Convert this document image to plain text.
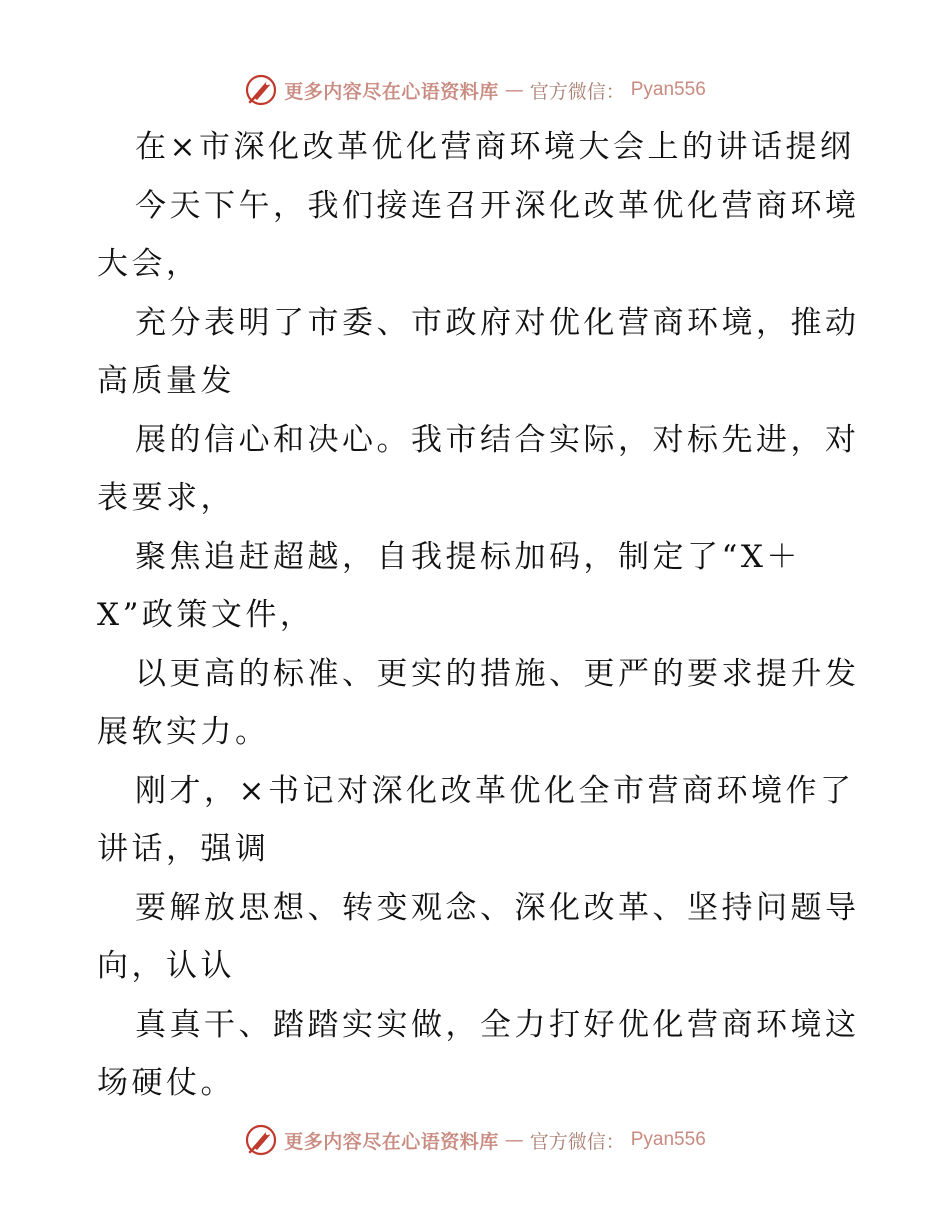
更多内容尽在心语资料库 — 官方微信： Pyan556
在×市深化改革优化营商环境大会上的讲话提纲
今天下午，我们接连召开深化改革优化营商环境
大会，
充分表明了市委、市政府对优化营商环境，推动
高质量发
展的信心和决心。我市结合实际，对标先进，对
表要求，
聚焦追赶超越，自我提标加码，制定了“X＋
X”政策文件，
以更高的标准、更实的措施、更严的要求提升发
展软实力。
刚才，×书记对深化改革优化全市营商环境作了
讲话，强调
要解放思想、转变观念、深化改革、坚持问题导
向，认认
真真干、踏踏实实做，全力打好优化营商环境这
场硬仗。
更多内容尽在心语资料库 — 官方微信： Pyan556
